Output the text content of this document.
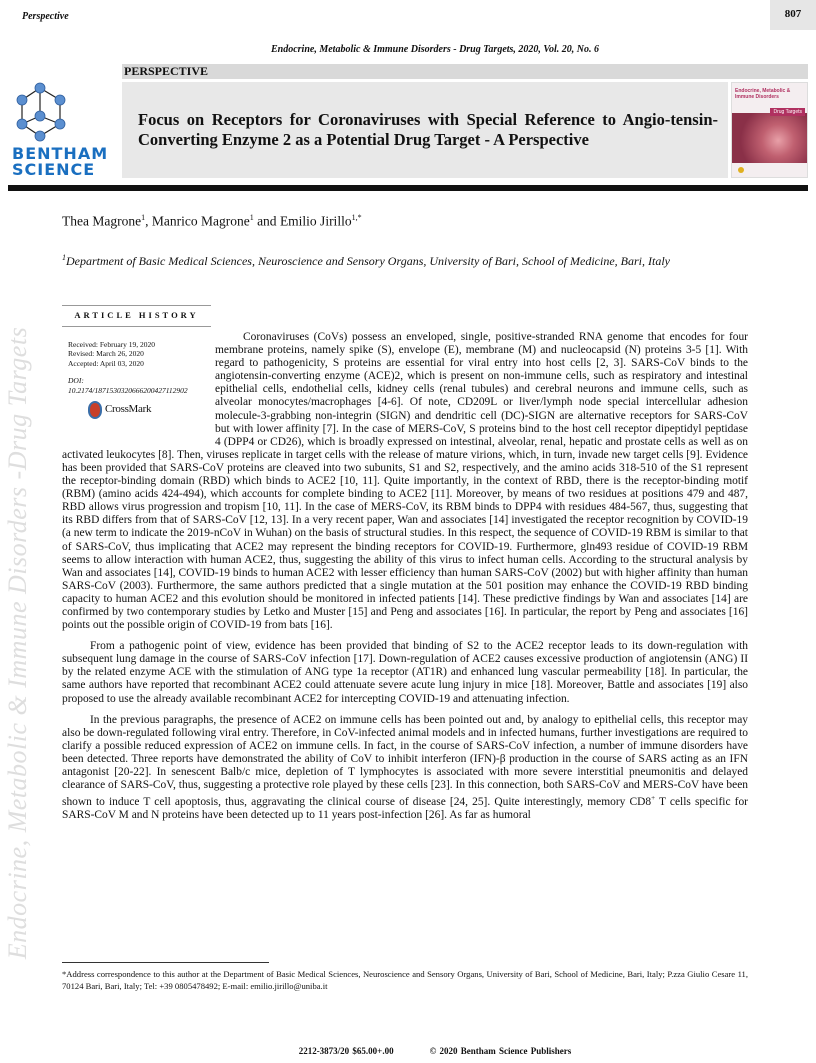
Endocrine, Metabolic & Immune Disorders -Drug Targets
Perspective	807
Endocrine, Metabolic & Immune Disorders - Drug Targets, 2020, Vol. 20, No. 6
BENTHAM
SCIENCE
PERSPECTIVE
Focus on Receptors for Coronaviruses with Special Reference to Angio-tensin-Converting Enzyme 2 as a Potential Drug Target - A Perspective
Endocrine, Metabolic & Immune Disorders
Drug Targets
Thea Magrone$^1$, Manrico Magrone$^1$ and Emilio Jirillo$^{1,*}$
$^1$Department of Basic Medical Sciences, Neuroscience and Sensory Organs, University of Bari, School of Medicine, Bari, Italy
ARTICLE HISTORY
Received: February 19, 2020
Revised: March 26, 2020
Accepted: April 03, 2020
DOI:
10.2174/1871530320666200427112902
CrossMark

Coronaviruses (CoVs) possess an enveloped, single, positive-stranded RNA genome that encodes for four membrane proteins, namely spike (S), envelope (E), membrane (M) and nucleocapsid (N) proteins 3-5 [1]. With regard to pathogenicity, S proteins are essential for viral entry into host cells [2, 3]. SARS-CoV binds to the angiotensin-converting enzyme (ACE)2, which is present on non-immune cells, such as respiratory and intestinal epithelial cells, endothelial cells, kidney cells (renal tubules) and cerebral neurons and immune cells, such as alveolar monocytes/macrophages [4-6]. Of note, CD209L or liver/lymph node special intercellular adhesion molecule-3-grabbing non-integrin (SIGN) and dendritic cell (DC)-SIGN are alternative receptors for SARS-CoV but with lower affinity [7]. In the case of MERS-CoV, S proteins bind to the host cell receptor dipeptidyl peptidase 4 (DPP4 or CD26), which is broadly expressed on intestinal, alveolar, renal, hepatic and prostate cells as well as on activated leukocytes [8]. Then, viruses replicate in target cells with the release of mature virions, which, in turn, invade new target cells [9]. Evidence has been provided that SARS-CoV proteins are cleaved into two subunits, S1 and S2, respectively, and the amino acids 318-510 of the S1 represent the receptor-binding domain (RBD) which binds to ACE2 [10, 11]. Quite importantly, in the context of RBD, there is the receptor-binding motif (RBM) (amino acids 424-494), which accounts for complete binding to ACE2 [11]. Moreover, by means of two residues at positions 479 and 487, RBD allows virus progression and tropism [10, 11]. In the case of MERS-CoV, its RBM binds to DPP4 with residues 484-567, thus, suggesting that its RBD differs from that of SARS-CoV [12, 13]. In a very recent paper, Wan and associates [14] investigated the receptor recognition by COVID-19 (a new term to indicate the 2019-nCoV in Wuhan) on the basis of structural studies. In this respect, the sequence of COVID-19 RBM is similar to that of SARS-CoV, thus implicating that ACE2 may represent the binding receptors for COVID-19. Furthermore, gln493 residue of COVID-19 RBM seems to allow interaction with human ACE2, thus, suggesting the ability of this virus to infect human cells. According to the structural analysis by Wan and associates [14], COVID-19 binds to human ACE2 with lesser efficiency than human SARS-CoV (2002) but with higher affinity than human SARS-CoV (2003). Furthermore, the same authors predicted that a single mutation at the 501 position may enhance the COVID-19 RBD binding capacity to human ACE2 and this evolution should be monitored in infected patients [14]. These predictive findings by Wan and associates [14] are confirmed by two contemporary studies by Letko and Muster [15] and Peng and associates [16]. In particular, the report by Peng and associates [16] points out the possible origin of COVID-19 from bats [16].

From a pathogenic point of view, evidence has been provided that binding of S2 to the ACE2 receptor leads to its down-regulation with subsequent lung damage in the course of SARS-CoV infection [17]. Down-regulation of ACE2 causes excessive production of angiotensin (ANG) II by the related enzyme ACE with the stimulation of ANG type 1a receptor (AT1R) and enhanced lung vascular permeability [18]. In particular, the same authors have reported that recombinant ACE2 could attenuate severe acute lung injury in mice [18]. Moreover, Battle and associates [19] also proposed to use the already available recombinant ACE2 for intercepting COVID-19 and attenuating infection.

In the previous paragraphs, the presence of ACE2 on immune cells has been pointed out and, by analogy to epithelial cells, this receptor may also be down-regulated following viral entry. Therefore, in CoV-infected animal models and in infected humans, further investigations are required to clarify a possible reduced expression of ACE2 on immune cells. In fact, in the course of SARS-CoV infection, a number of immune disorders have been detected. Three reports have demonstrated the ability of CoV to inhibit interferon (IFN)-β production in the course of SARS acting as an IFN antagonist [20-22]. In senescent Balb/c mice, depletion of T lymphocytes is associated with more severe interstitial pneumonitis and delayed clearance of SARS-CoV, thus, suggesting a protective role played by these cells [23]. In this connection, both SARS-CoV and MERS-CoV have been shown to induce T cell apoptosis, thus, aggravating the clinical course of disease [24, 25]. Quite interestingly, memory CD8+ T cells specific for SARS-CoV M and N proteins have been detected up to 11 years post-infection [26]. As far as humoral

*Address correspondence to this author at the Department of Basic Medical Sciences, Neuroscience and Sensory Organs, University of Bari, School of Medicine, Bari, Italy; P.zza Giulio Cesare 11, 70124 Bari, Bari, Italy; Tel: +39 0805478492; E-mail: emilio.jirillo@uniba.it
2212-3873/20 $65.00+.00	© 2020 Bentham Science Publishers
